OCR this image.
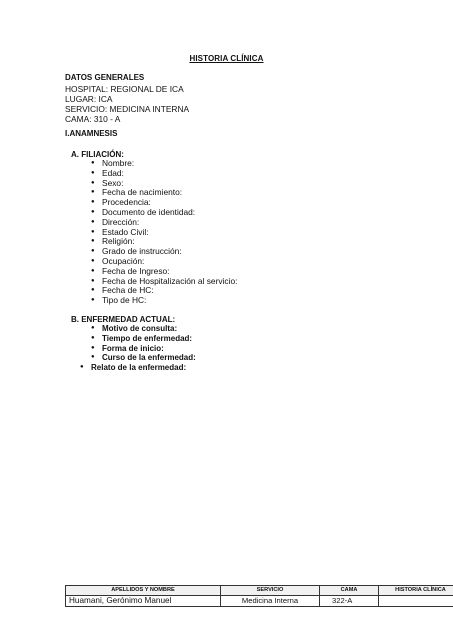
HISTORIA CLÍNICA
DATOS GENERALES
HOSPITAL: REGIONAL DE ICA
LUGAR: ICA
SERVICIO: MEDICINA INTERNA
CAMA: 310 - A
I.ANAMNESIS
A. FILIACIÓN:
● Nombre:
● Edad:
● Sexo:
● Fecha de nacimiento:
● Procedencia:
● Documento de identidad:
● Dirección:
● Estado Civil:
● Religión:
● Grado de instrucción:
● Ocupación:
● Fecha de Ingreso:
● Fecha de Hospitalización al servicio:
● Fecha de HC:
● Tipo de HC:
B. ENFERMEDAD ACTUAL:
● Motivo de consulta:
● Tiempo de enfermedad:
● Forma de inicio:
● Curso de la enfermedad:
● Relato de la enfermedad:
APELLIDOS Y NOMBRE	SERVICIO	CAMA	HISTORIA CLÍNICA
Huamani, Gerónimo Manuel	Medicina Interna	322-A	
